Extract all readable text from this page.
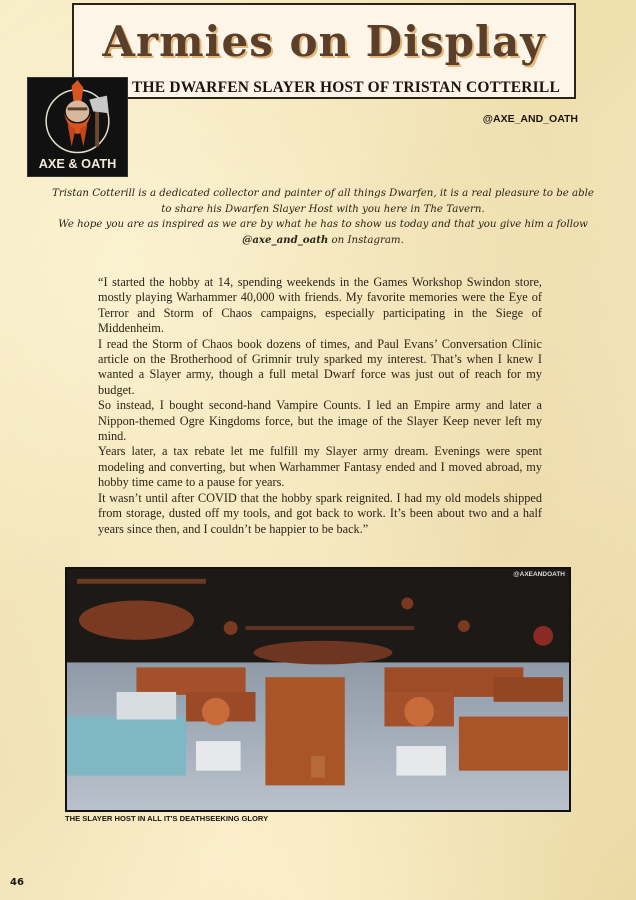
Armies on Display
THE DWARFEN SLAYER HOST OF TRISTAN COTTERILL
AXE & OATH
@AXE_AND_OATH
Tristan Cotterill is a dedicated collector and painter of all things Dwarfen, it is a real pleasure to be able to share his Dwarfen Slayer Host with you here in The Tavern.
We hope you are as inspired as we are by what he has to show us today and that you give him a follow
@axe_and_oath on Instagram.

“I started the hobby at 14, spending weekends in the Games Workshop Swindon store, mostly playing Warhammer 40,000 with friends. My favorite memories were the Eye of Terror and Storm of Chaos campaigns, especially participating in the Siege of Middenheim.

I read the Storm of Chaos book dozens of times, and Paul Evans’ Conversation Clinic article on the Brotherhood of Grimnir truly sparked my interest. That’s when I knew I wanted a Slayer army, though a full metal Dwarf force was just out of reach for my budget.

So instead, I bought second-hand Vampire Counts. I led an Empire army and later a Nippon-themed Ogre Kingdoms force, but the image of the Slayer Keep never left my mind.

Years later, a tax rebate let me fulfill my Slayer army dream. Evenings were spent modeling and converting, but when Warhammer Fantasy ended and I moved abroad, my hobby time came to a pause for years.

It wasn’t until after COVID that the hobby spark reignited. I had my old models shipped from storage, dusted off my tools, and got back to work. It’s been about two and a half years since then, and I couldn’t be happier to be back.”

@AXEANDOATH
THE SLAYER HOST IN ALL IT'S DEATHSEEKING GLORY
46
